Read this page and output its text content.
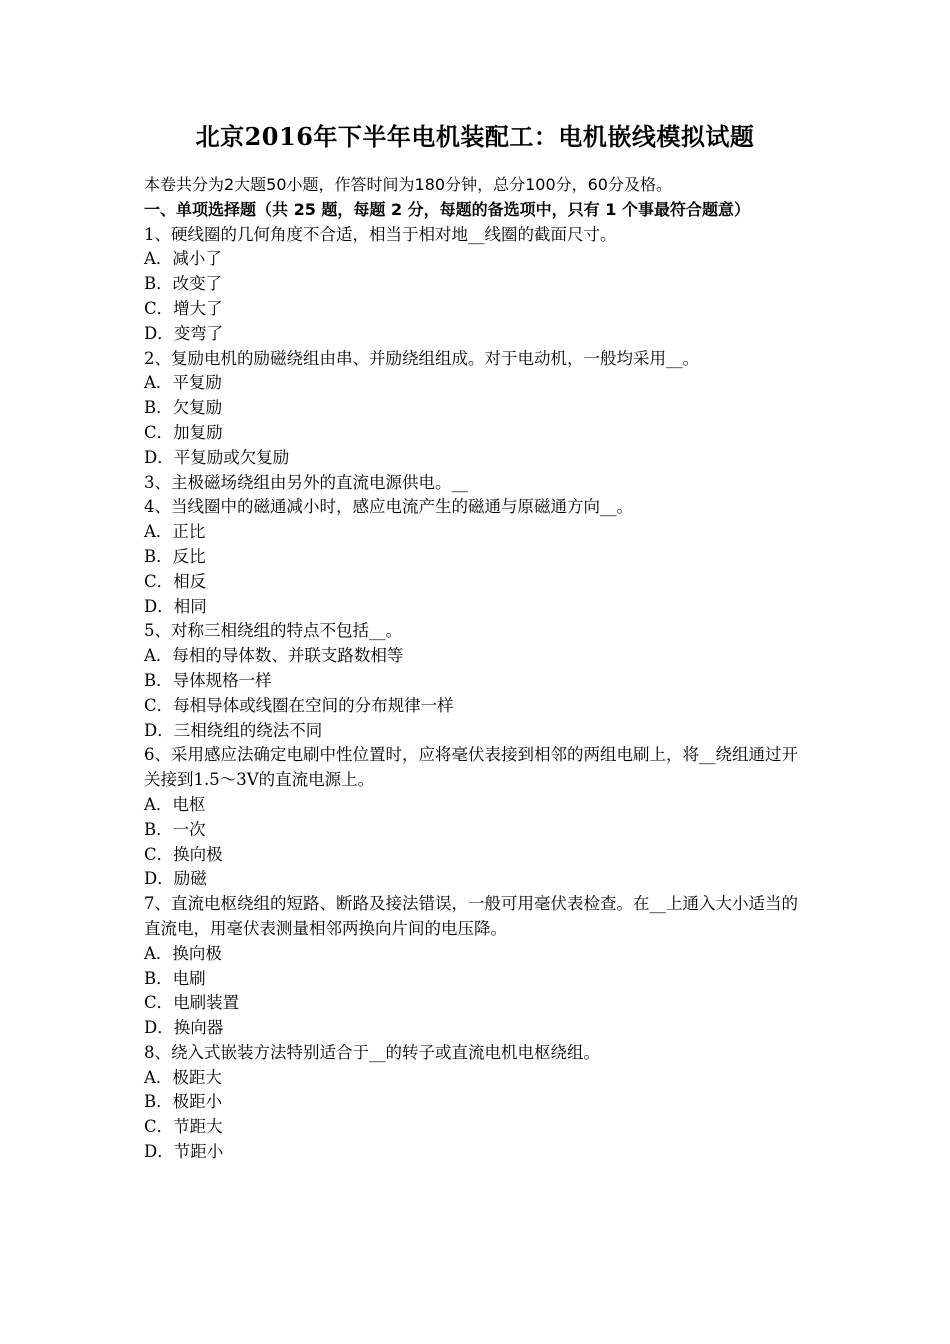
北京2016年下半年电机装配工：电机嵌线模拟试题
本卷共分为2大题50小题，作答时间为180分钟，总分100分，60分及格。
一、单项选择题（共 25 题，每题 2 分，每题的备选项中，只有 1 个事最符合题意）
1、硬线圈的几何角度不合适，相当于相对地__线圈的截面尺寸。
A．减小了
B．改变了
C．增大了
D．变弯了
2、复励电机的励磁绕组由串、并励绕组组成。对于电动机，一般均采用__。
A．平复励
B．欠复励
C．加复励
D．平复励或欠复励
3、主极磁场绕组由另外的直流电源供电。__
4、当线圈中的磁通减小时，感应电流产生的磁通与原磁通方向__。
A．正比
B．反比
C．相反
D．相同
5、对称三相绕组的特点不包括__。
A．每相的导体数、并联支路数相等
B．导体规格一样
C．每相导体或线圈在空间的分布规律一样
D．三相绕组的绕法不同
6、采用感应法确定电刷中性位置时，应将毫伏表接到相邻的两组电刷上，将__绕组通过开关接到1.5～3V的直流电源上。
A．电枢
B．一次
C．换向极
D．励磁
7、直流电枢绕组的短路、断路及接法错误，一般可用毫伏表检查。在__上通入大小适当的直流电，用毫伏表测量相邻两换向片间的电压降。
A．换向极
B．电刷
C．电刷装置
D．换向器
8、绕入式嵌装方法特别适合于__的转子或直流电机电枢绕组。
A．极距大
B．极距小
C．节距大
D．节距小
